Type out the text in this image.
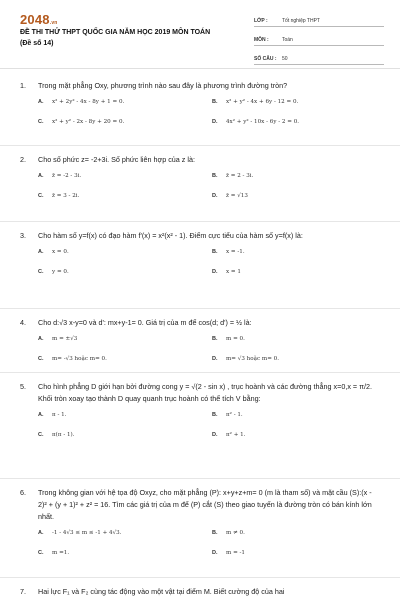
2048.vn
ĐỀ THI THỬ THPT QUỐC GIA NĂM HỌC 2019 MÔN TOÁN
(Đề số 14)
LỚP :	Tốt nghiệp THPT
MÔN :	Toán
SỐ CÂU :	50
1.	Trong mặt phẳng Oxy, phương trình nào sau đây là phương trình đường tròn?
A.	x² + 2y² - 4x - 8y + 1 = 0.	B.	x² + y² - 4x + 6y - 12 = 0.
C.	x² + y² - 2x - 8y + 20 = 0.	D.	4x² + y² - 10x - 6y - 2 = 0.
2.	Cho số phức z= -2+3i. Số phức liên hợp của z là:
A.	z̄ = -2 - 3i.	B.	z̄ = 2 - 3i.
C.	z̄ = 3 - 2i.	D.	z̄ = √13
3.	Cho hàm số y=f(x) có đạo hàm f'(x) = x²(x² - 1). Điểm cực tiểu của hàm số y=f(x) là:
A.	x = 0.	B.	x = -1.
C.	y = 0.	D.	x = 1
4.	Cho d:√3 x-y=0 và d': mx+y-1= 0. Giá trị của m để cos(d; d') = ½ là:
A.	m = ±√3	B.	m = 0.
C.	m= -√3 hoặc m= 0.	D.	m= √3 hoặc m= 0.
5.	Cho hình phẳng D giới hạn bởi đường cong y = √(2 - sin x) , trục hoành và các đường thẳng x=0,x = π/2. Khối tròn xoay tạo thành D quay quanh trục hoành có thể tích V bằng:
A.	π - 1.	B.	π² - 1.
C.	π(π - 1).	D.	π² + 1.
6.	Trong không gian với hệ tọa độ Oxyz, cho mặt phẳng (P): x+y+z+m= 0 (m là tham số) và mặt cầu (S):(x - 2)² + (y + 1)² + z² = 16. Tìm các giá trị của m để (P) cắt (S) theo giao tuyến là đường tròn có bán kính lớn nhất.
A.	-1 - 4√3 ≤ m ≤ -1 + 4√3.	B.	m ≠ 0.
C.	m =1.	D.	m = -1
7.	Hai lực F₁ và F₂ cùng tác động vào một vật tại điểm M. Biết cường độ của hai
